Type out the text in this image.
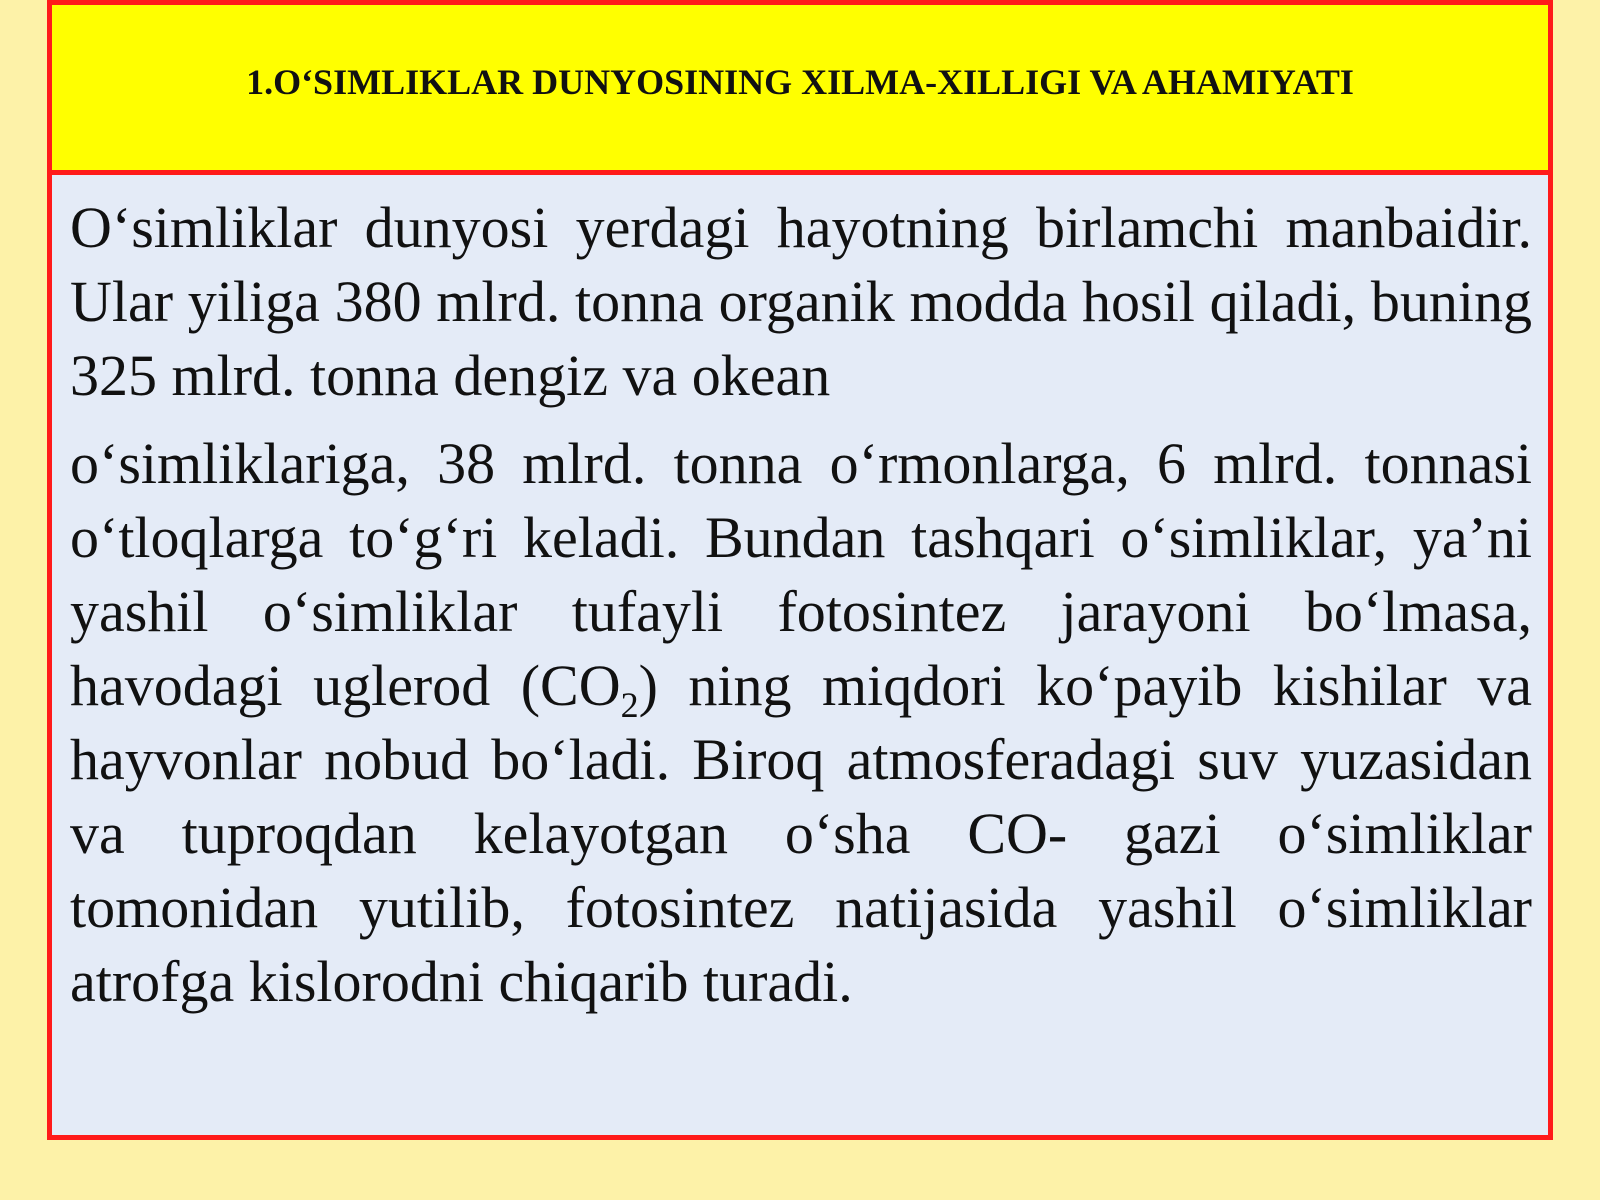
1.O‘SIMLIKLAR DUNYOSINING XILMA-XILLIGI VA AHAMIYATI

O‘simliklar dunyosi yerdagi hayotning birlamchi manbaidir. Ular yiliga 380 mlrd. tonna organik modda hosil qiladi, buning 325 mlrd. tonna dengiz va okean

o‘simliklariga, 38 mlrd. tonna o‘rmonlarga, 6 mlrd. tonnasi o‘tloqlarga to‘g‘ri keladi. Bundan tashqari o‘simliklar, ya’ni yashil o‘simliklar tufayli fotosintez jarayoni bo‘lmasa, havodagi uglerod $(CO_2)$ ning miqdori ko‘payib kishilar va hayvonlar nobud bo‘ladi. Biroq atmosferadagi suv yuzasidan va tuproqdan kelayotgan o‘sha CO- gazi o‘simliklar tomonidan yutilib, fotosintez natijasida yashil o‘simliklar atrofga kislorodni chiqarib turadi.
